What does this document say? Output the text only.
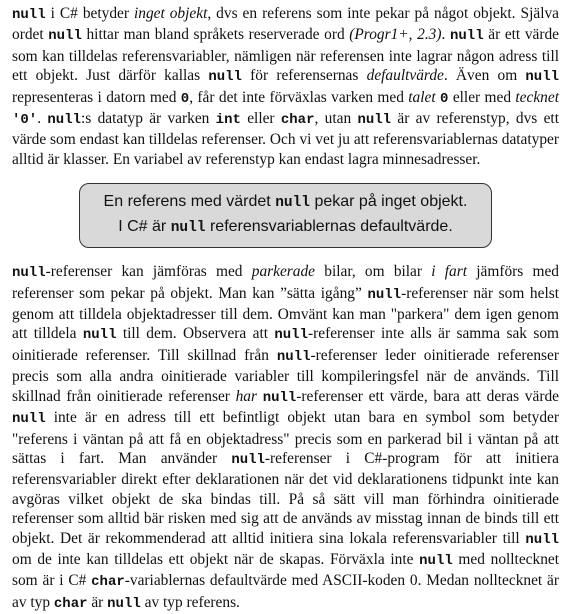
null i C# betyder inget objekt, dvs en referens som inte pekar på något objekt. Själva ordet null hittar man bland språkets reserverade ord (Progr1+, 2.3). null är ett värde som kan tilldelas referensvariabler, nämligen när referensen inte lagrar någon adress till ett objekt. Just därför kallas null för referensernas defaultvärde. Även om null representeras i datorn med 0, får det inte förväxlas varken med talet 0 eller med tecknet '0'. null:s datatyp är varken int eller char, utan null är av referenstyp, dvs ett värde som endast kan tilldelas referenser. Och vi vet ju att referensvariablernas datatyper alltid är klasser. En variabel av referenstyp kan endast lagra minnesadresser.

En referens med värdet null pekar på inget objekt.
I C# är null referensvariablernas defaultvärde.

null-referenser kan jämföras med parkerade bilar, om bilar i fart jämförs med referenser som pekar på objekt. Man kan ”sätta igång” null-referenser när som helst genom att tilldela objektadresser till dem. Omvänt kan man "parkera" dem igen genom att tilldela null till dem. Observera att null-referenser inte alls är samma sak som oinitierade referenser. Till skillnad från null-referenser leder oinitierade referenser precis som alla andra oinitierade variabler till kompileringsfel när de används. Till skillnad från oinitierade referenser har null-referenser ett värde, bara att deras värde null inte är en adress till ett befintligt objekt utan bara en symbol som betyder "referens i väntan på att få en objektadress" precis som en parkerad bil i väntan på att sättas i fart. Man använder null-referenser i C#-program för att initiera referensvariabler direkt efter deklarationen när det vid deklarationens tidpunkt inte kan avgöras vilket objekt de ska bindas till. På så sätt vill man förhindra oinitierade referenser som alltid bär risken med sig att de används av misstag innan de binds till ett objekt. Det är rekommenderad att alltid initiera sina lokala referensvariabler till null om de inte kan tilldelas ett objekt när de skapas. Förväxla inte null med nolltecknet som är i C# char-variablernas defaultvärde med ASCII-koden 0. Medan nolltecknet är av typ char är null av typ referens.
